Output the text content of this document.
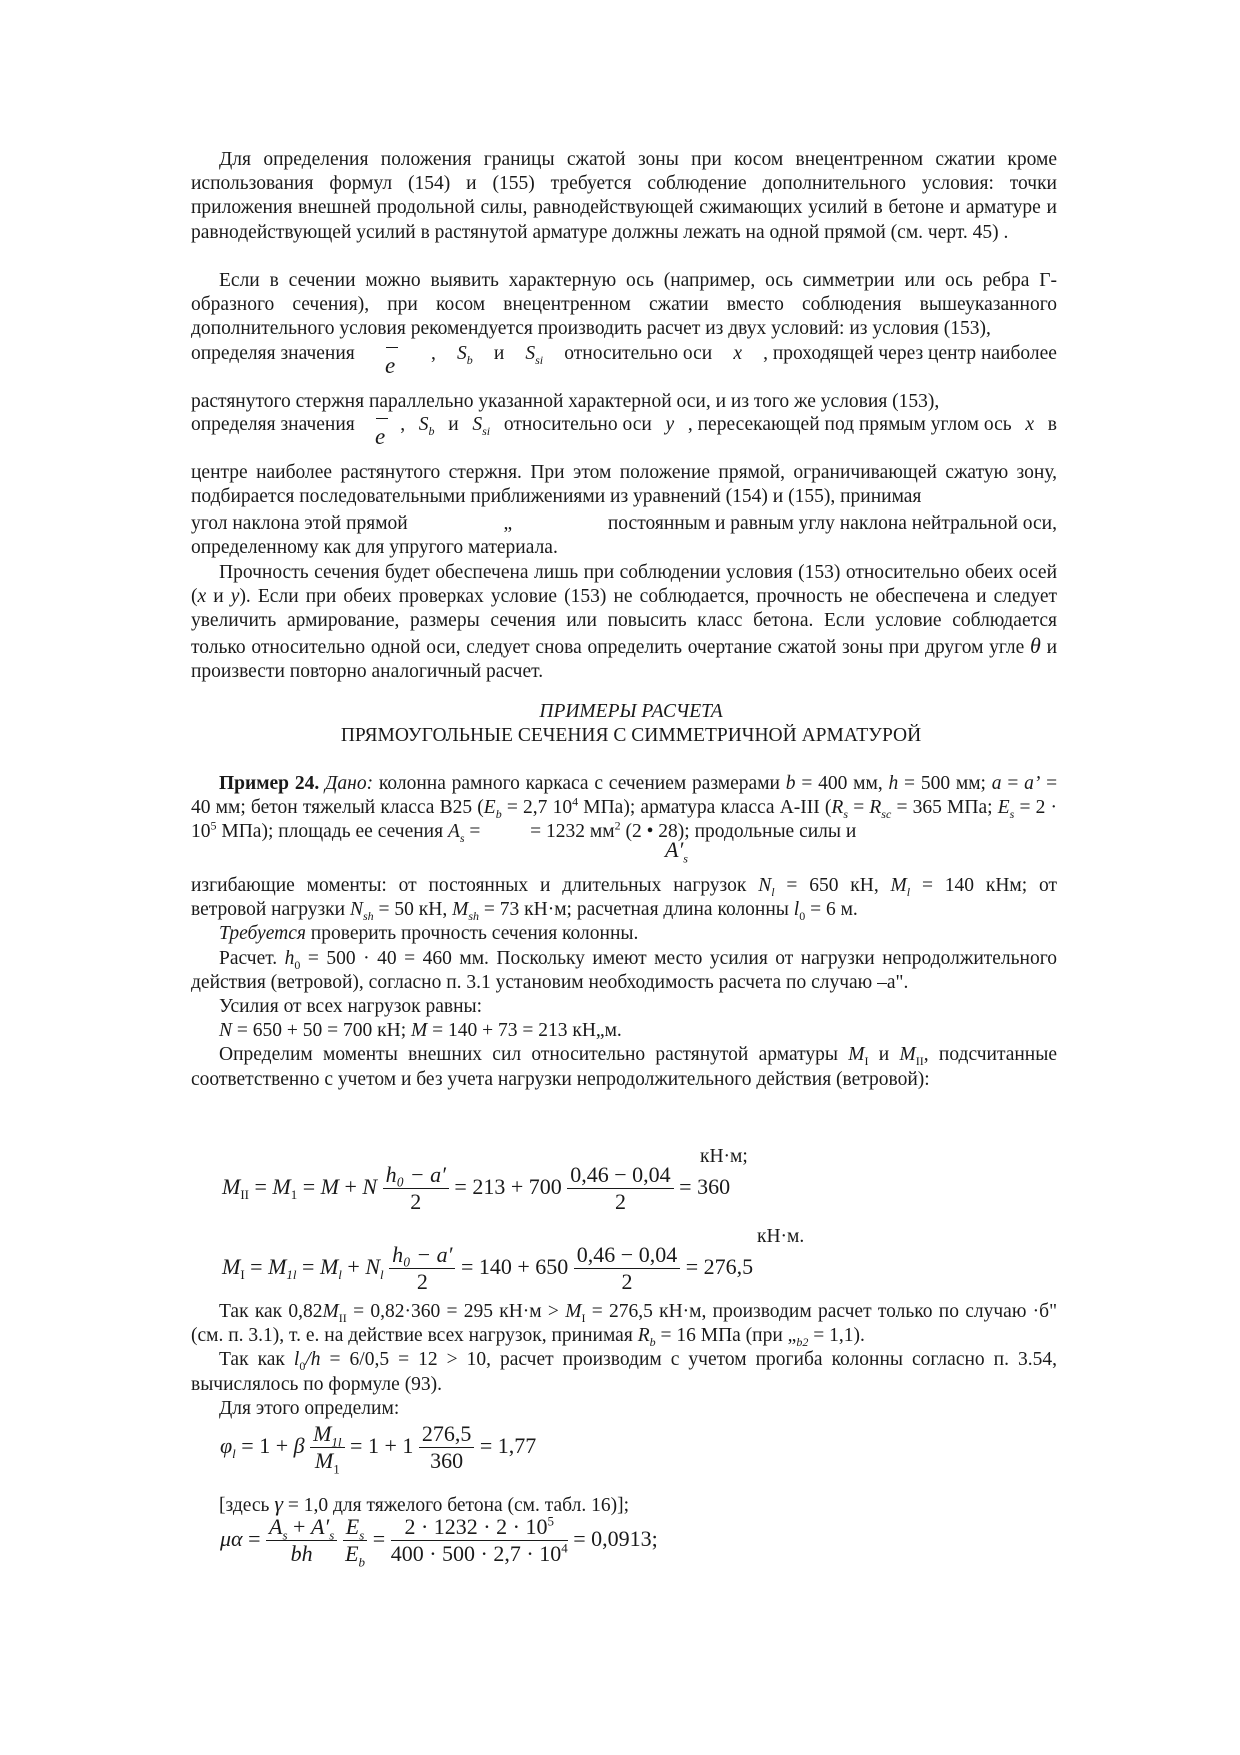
Для определения положения границы сжатой зоны при косом внецентренном сжатии кроме использования формул (154) и (155) требуется соблюдение дополнительного условия: точки приложения внешней продольной силы, равнодействующей сжимающих усилий в бетоне и арматуре и равнодействующей усилий в растянутой арматуре должны лежать на одной прямой (см. черт. 45) .

Если в сечении можно выявить характерную ось (например, ось симметрии или ось ребра Г-образного сечения), при косом внецентренном сжатии вместо соблюдения вышеуказанного дополнительного условия рекомендуется производить расчет из двух условий: из условия (153),

определяя значения	, $S_b$ и $S_{si}$ относительно оси x , проходящей через центр наиболее
e

растянутого стержня параллельно указанной характерной оси, и из того же условия (153),

определяя значения , $S_b$ и $S_{si}$ относительно оси y , пересекающей под прямым углом ось x в
e

центре наиболее растянутого стержня. При этом положение прямой, ограничивающей сжатую зону, подбирается последовательными приближениями из уравнений (154) и (155), принимая

угол наклона этой прямой	„	постоянным и равным углу наклона нейтральной оси,

определенному как для упругого материала.

Прочность сечения будет обеспечена лишь при соблюдении условия (153) относительно обеих осей (x и y). Если при обеих проверках условие (153) не соблюдается, прочность не обеспечена и следует увеличить армирование, размеры сечения или повысить класс бетона. Если условие соблюдается только относительно одной оси, следует снова определить очертание сжатой зоны при другом угле θ и произвести повторно аналогичный расчет.

ПРИМЕРЫ РАСЧЕТА
ПРЯМОУГОЛЬНЫЕ СЕЧЕНИЯ С СИММЕТРИЧНОЙ АРМАТУРОЙ

Пример 24. Дано: колонна рамного каркаса с сечением размерами b = 400 мм, h = 500 мм; a = a’ = 40 мм; бетон тяжелый класса В25 ($E_b = 2,7$ $10^4$ МПа); арматура класса А-III ($R_s = R_{sc} = 365$ МПа; $E_s = 2 \cdot 10^5$ МПа); площадь ее сечения $A_s$ =	= 1232 $мм^2$ (2 • 28); продольные силы и

$A'_s$

изгибающие моменты: от постоянных и длительных нагрузок $N_l = 650$ кН, $M_l = 140$ кНм; от

ветровой нагрузки $N_{sh} = 50$ кН, $M_{sh} = 73$ кН·м; расчетная длина колонны $l_0 = 6$ м.

Требуется проверить прочность сечения колонны.

Расчет. $h_0 = 500 \cdot 40 = 460$ мм. Поскольку имеют место усилия от нагрузки непродолжительного действия (ветровой), согласно п. 3.1 установим необходимость расчета по случаю ‒а".

Усилия от всех нагрузок равны:

N = 650 + 50 = 700 кН; M = 140 + 73 = 213 кН„м.

Определим моменты внешних сил относительно растянутой арматуры $M_I$ и $M_{II}$, подсчитанные соответственно с учетом и без учета нагрузки непродолжительного действия (ветровой):

кН·м;
$M_{II} = M_1 = M + N \frac{\text{h₀ − a′}}{2} = 213 + 700 \frac{0,46 - 0,04}{2} = 360$
кН·м.
$M_I = M_{1l} = M_l + N_l \frac{\text{h₀ − a′}}{2} = 140 + 650 \frac{0,46 - 0,04}{2} = 276,5$

Так как $0,82M_{II} = 0,82\cdot 360 = 295$ $кН\cdot м > M_I = 276,5$ кН·м, производим расчет только по случаю ·б" (см. п. 3.1), т. е. на действие всех нагрузок, принимая $R_b = 16$ МПа (при $„_{b2} = 1,1$).

Так как $l_0/h = 6/0,5 = 12 > 10$, расчет производим с учетом прогиба колонны согласно п. 3.54, вычислялось по формуле (93).

Для этого определим:

$\varphi_l = 1 + \beta \frac{M_{1l}}{M_1} = 1 + 1 \frac{276,5}{360} = 1,77$
[здесь γ = 1,0 для тяжелого бетона (см. табл. 16)];
$\mu\alpha = \frac{A_s + A'_s}{bh}$
$\frac{E_s}{E_b} = \frac{2 \cdot 1232 \cdot 2 \cdot 10^5}{400 \cdot 500 \cdot 2,7 \cdot 10^4} = 0,0913$;
